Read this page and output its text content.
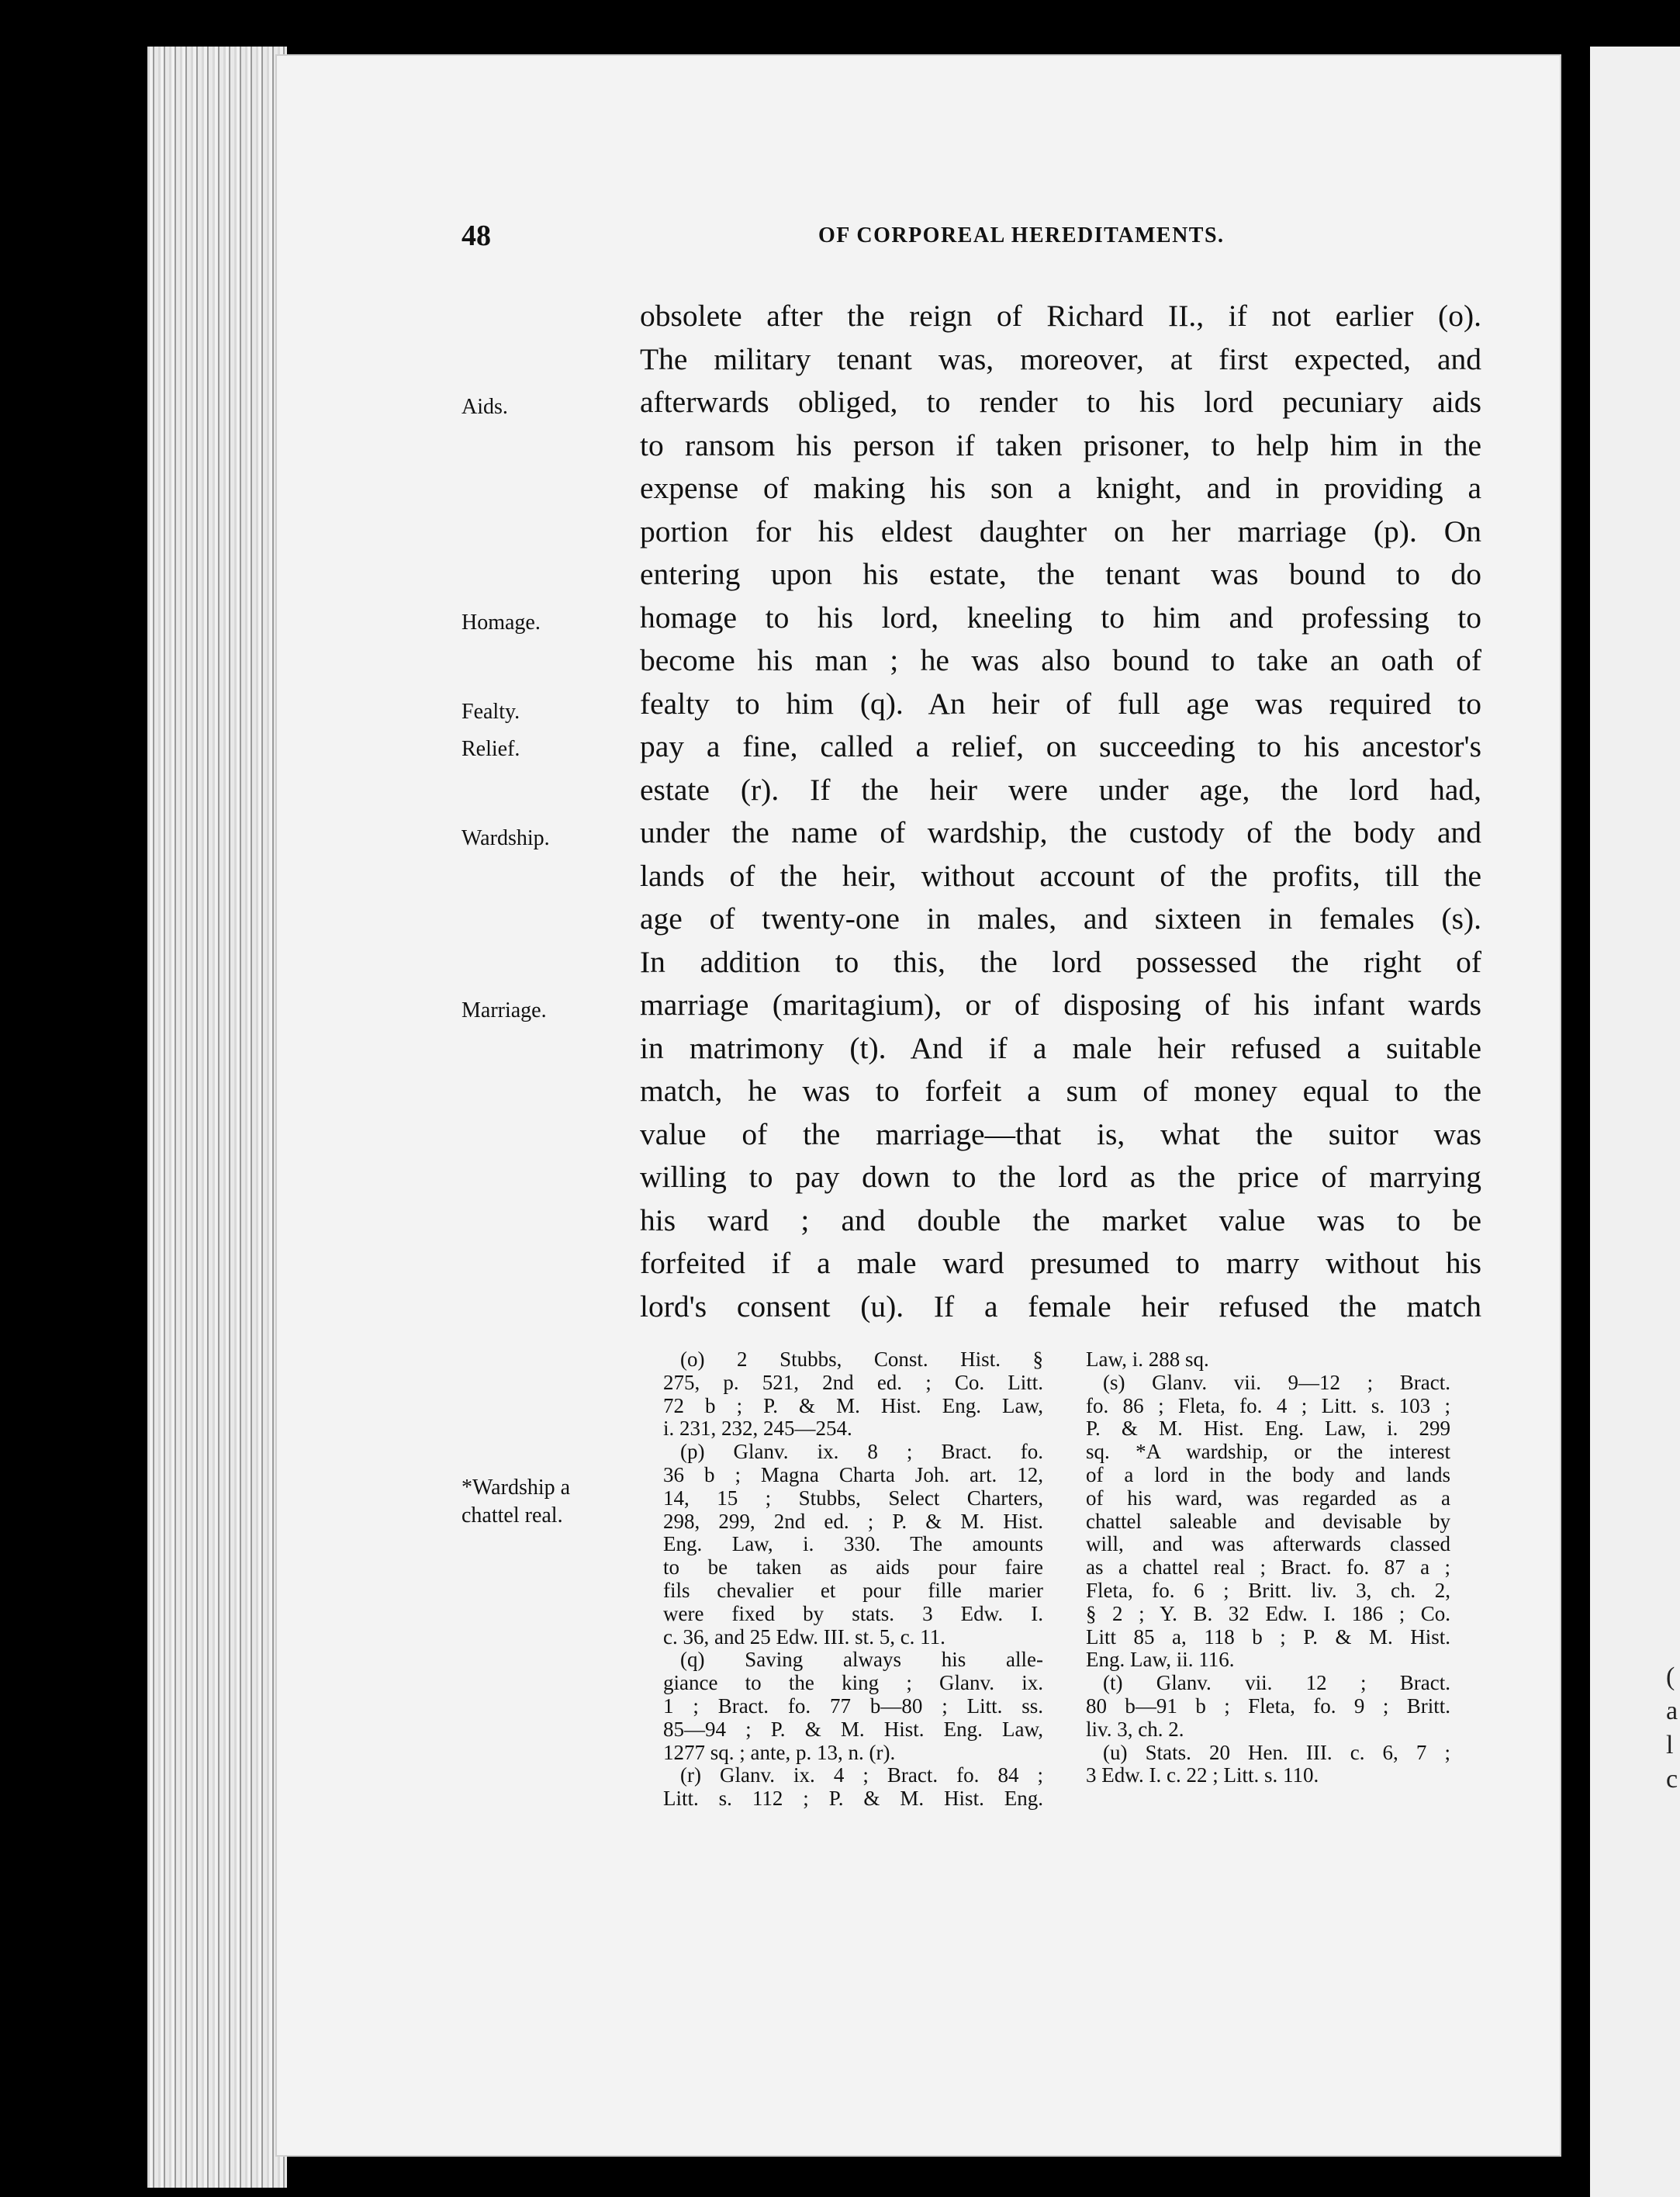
48	OF CORPOREAL HEREDITAMENTS.
Aids.
Homage.
Fealty.
Relief.
Wardship.
Marriage.
*Wardship a
chattel real.
obsolete after the reign of Richard II., if not earlier (o).
The military tenant was, moreover, at first expected, and
afterwards obliged, to render to his lord pecuniary aids
to ransom his person if taken prisoner, to help him in the
expense of making his son a knight, and in providing a
portion for his eldest daughter on her marriage (p). On
entering upon his estate, the tenant was bound to do
homage to his lord, kneeling to him and professing to
become his man ; he was also bound to take an oath of
fealty to him (q). An heir of full age was required to
pay a fine, called a relief, on succeeding to his ancestor's
estate (r). If the heir were under age, the lord had,
under the name of wardship, the custody of the body and
lands of the heir, without account of the profits, till the
age of twenty-one in males, and sixteen in females (s).
In addition to this, the lord possessed the right of
marriage (maritagium), or of disposing of his infant wards
in matrimony (t). And if a male heir refused a suitable
match, he was to forfeit a sum of money equal to the
value of the marriage—that is, what the suitor was
willing to pay down to the lord as the price of marrying
his ward ; and double the market value was to be
forfeited if a male ward presumed to marry without his
lord's consent (u). If a female heir refused the match
(o) 2 Stubbs, Const. Hist. §
275, p. 521, 2nd ed. ; Co. Litt.
72 b ; P. & M. Hist. Eng. Law,
i. 231, 232, 245—254.
(p) Glanv. ix. 8 ; Bract. fo.
36 b ; Magna Charta Joh. art. 12,
14, 15 ; Stubbs, Select Charters,
298, 299, 2nd ed. ; P. & M. Hist.
Eng. Law, i. 330. The amounts
to be taken as aids pour faire
fils chevalier et pour fille marier
were fixed by stats. 3 Edw. I.
c. 36, and 25 Edw. III. st. 5, c. 11.
(q) Saving always his alle-
giance to the king ; Glanv. ix.
1 ; Bract. fo. 77 b—80 ; Litt. ss.
85—94 ; P. & M. Hist. Eng. Law,
1277 sq. ; ante, p. 13, n. (r).
(r) Glanv. ix. 4 ; Bract. fo. 84 ;
Litt. s. 112 ; P. & M. Hist. Eng.
Law, i. 288 sq.
(s) Glanv. vii. 9—12 ; Bract.
fo. 86 ; Fleta, fo. 4 ; Litt. s. 103 ;
P. & M. Hist. Eng. Law, i. 299
sq. *A wardship, or the interest
of a lord in the body and lands
of his ward, was regarded as a
chattel saleable and devisable by
will, and was afterwards classed
as a chattel real ; Bract. fo. 87 a ;
Fleta, fo. 6 ; Britt. liv. 3, ch. 2,
§ 2 ; Y. B. 32 Edw. I. 186 ; Co.
Litt 85 a, 118 b ; P. & M. Hist.
Eng. Law, ii. 116.
(t) Glanv. vii. 12 ; Bract.
80 b—91 b ; Fleta, fo. 9 ; Britt.
liv. 3, ch. 2.
(u) Stats. 20 Hen. III. c. 6, 7 ;
3 Edw. I. c. 22 ; Litt. s. 110.
(
a
l
c
